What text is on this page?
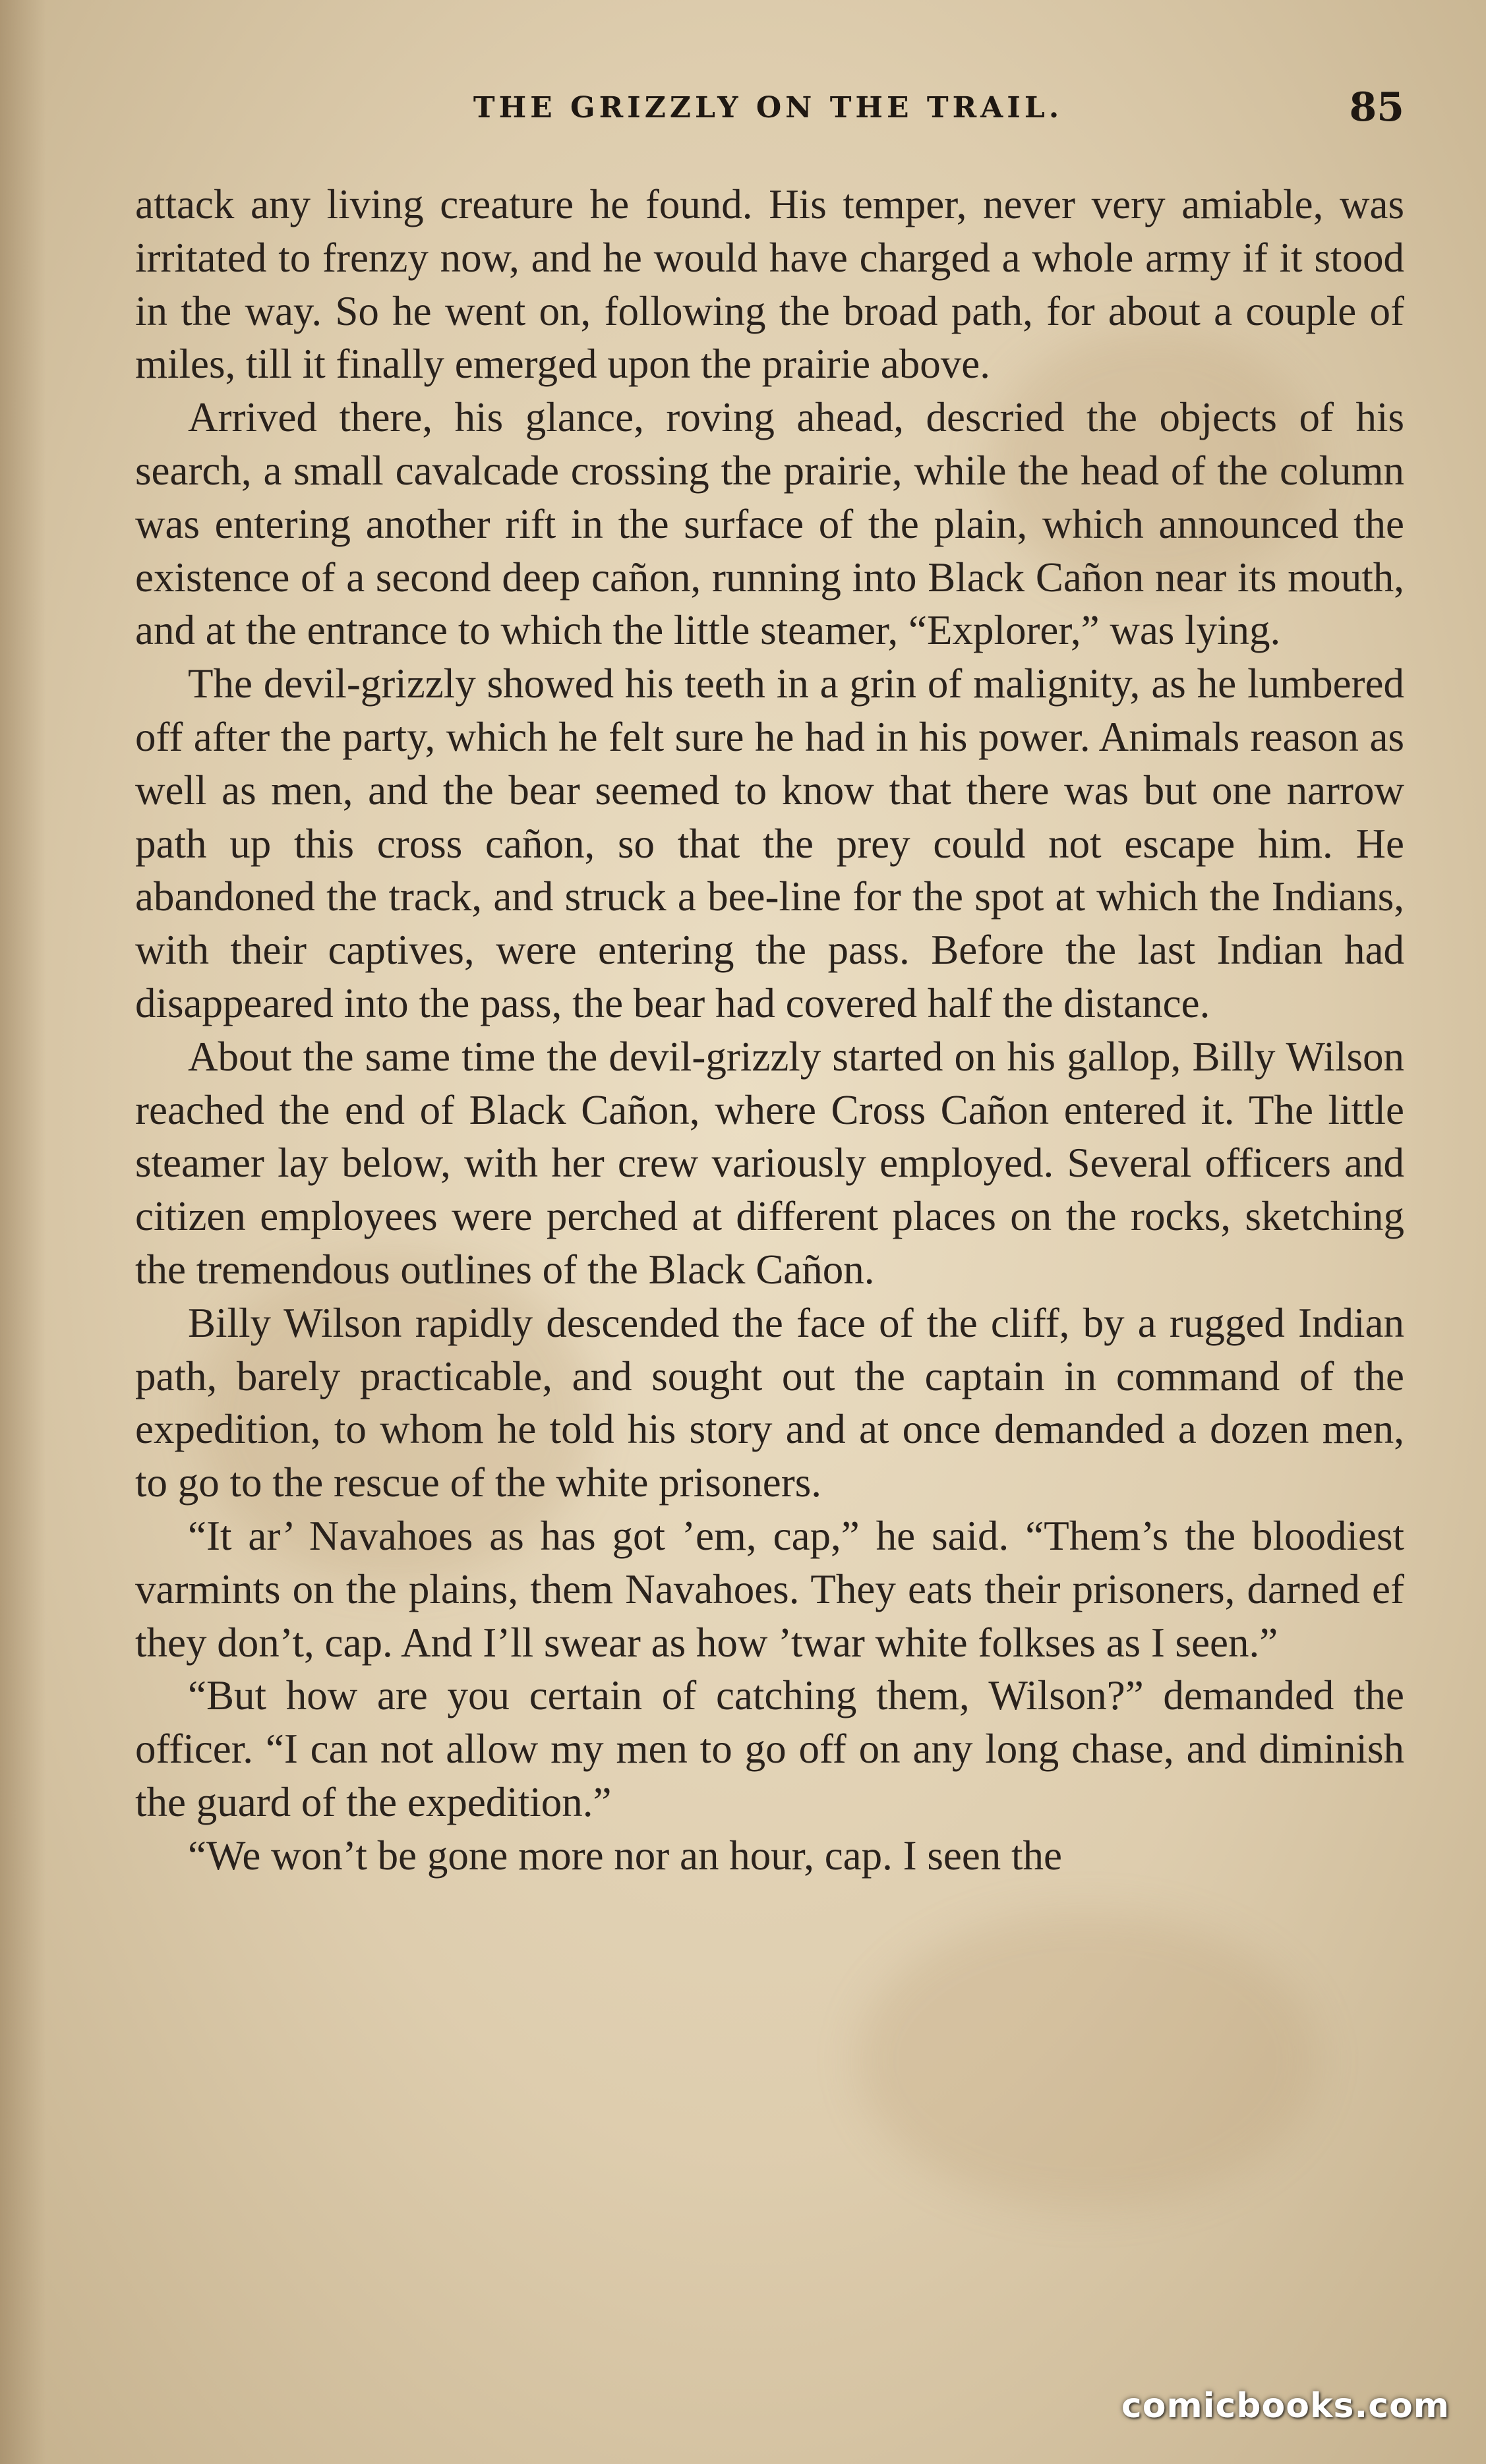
THE GRIZZLY ON THE TRAIL.	85

attack any living creature he found. His temper, never very amiable, was irritated to frenzy now, and he would have charged a whole army if it stood in the way. So he went on, following the broad path, for about a couple of miles, till it finally emerged upon the prairie above.

Arrived there, his glance, roving ahead, descried the objects of his search, a small cavalcade crossing the prairie, while the head of the column was entering another rift in the surface of the plain, which announced the existence of a second deep cañon, running into Black Cañon near its mouth, and at the entrance to which the little steamer, “Explorer,” was lying.

The devil-grizzly showed his teeth in a grin of malignity, as he lumbered off after the party, which he felt sure he had in his power. Animals reason as well as men, and the bear seemed to know that there was but one narrow path up this cross cañon, so that the prey could not escape him. He abandoned the track, and struck a bee-line for the spot at which the Indians, with their captives, were entering the pass. Before the last Indian had disappeared into the pass, the bear had covered half the distance.

About the same time the devil-grizzly started on his gallop, Billy Wilson reached the end of Black Cañon, where Cross Cañon entered it. The little steamer lay below, with her crew variously employed. Several officers and citizen employees were perched at different places on the rocks, sketching the tremendous outlines of the Black Cañon.

Billy Wilson rapidly descended the face of the cliff, by a rugged Indian path, barely practicable, and sought out the captain in command of the expedition, to whom he told his story and at once demanded a dozen men, to go to the rescue of the white prisoners.

“It ar’ Navahoes as has got ’em, cap,” he said. “Them’s the bloodiest varmints on the plains, them Navahoes. They eats their prisoners, darned ef they don’t, cap. And I’ll swear as how ’twar white folkses as I seen.”

“But how are you certain of catching them, Wilson?” demanded the officer. “I can not allow my men to go off on any long chase, and diminish the guard of the expedition.”

“We won’t be gone more nor an hour, cap. I seen the

comicbooks.com
